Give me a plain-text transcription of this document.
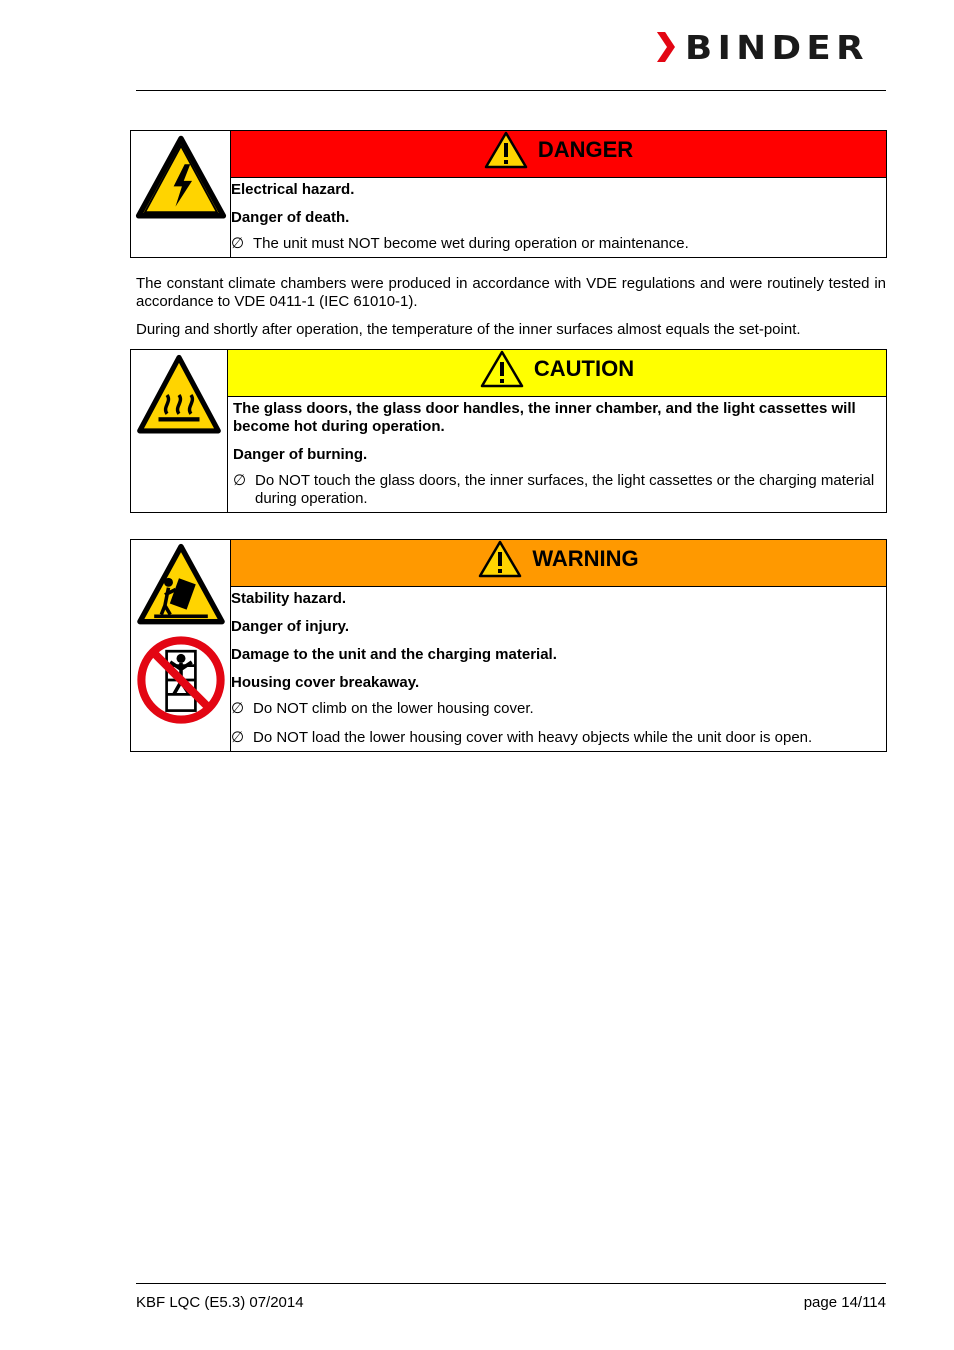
BINDER

DANGER

Electrical hazard.
Danger of death.
∅ The unit must NOT become wet during operation or maintenance.
The constant climate chambers were produced in accordance with VDE regulations and were routinely tested in accordance to VDE 0411-1 (IEC 61010-1).
During and shortly after operation, the temperature of the inner surfaces almost equals the set-point.

CAUTION

The glass doors, the glass door handles, the inner chamber, and the light cassettes will become hot during operation.
Danger of burning.
∅ Do NOT touch the glass doors, the inner surfaces, the light cassettes or the charging material during operation.

WARNING

Stability hazard.
Danger of injury.
Damage to the unit and the charging material.
Housing cover breakaway.
∅ Do NOT climb on the lower housing cover.
∅ Do NOT load the lower housing cover with heavy objects while the unit door is open.
KBF LQC (E5.3) 07/2014	page 14/114
